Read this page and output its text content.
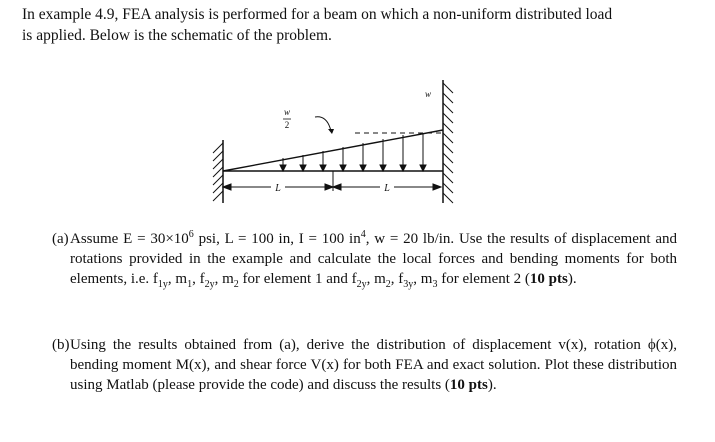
In example 4.9, FEA analysis is performed for a beam on which a non-uniform distributed load
is applied. Below is the schematic of the problem.
w
2
w
L	L
(a) Assume $E = 30\times 10^6$ psi, L = 100 in, I = 100 $in^4$, w = 20 lb/in. Use the results of displacement and rotations provided in the example and calculate the local forces and bending moments for both elements, i.e. $f_{1y}$, $m_1$, $f_{2y}$, $m_2$ for element 1 and $f_{2y}$, $m_2$, $f_{3y}$, $m_3$ for element 2 (10 pts).
(b) Using the results obtained from (a), derive the distribution of displacement v(x), rotation ϕ(x), bending moment M(x), and shear force V(x) for both FEA and exact solution. Plot these distribution using Matlab (please provide the code) and discuss the results (10 pts).
